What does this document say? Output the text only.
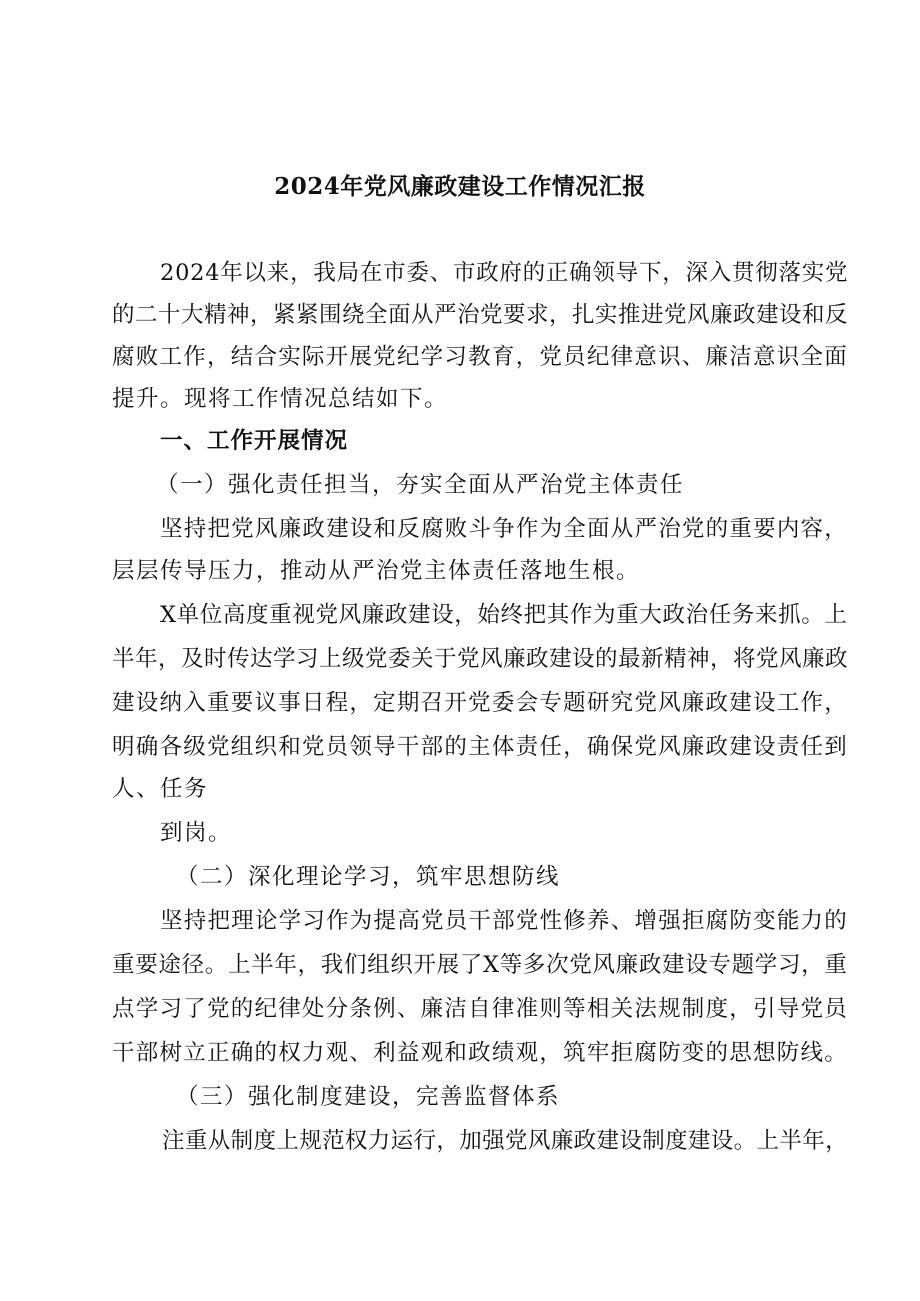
2024年党风廉政建设工作情况汇报
2024年以来，我局在市委、市政府的正确领导下，深入贯彻落实党
的二十大精神，紧紧围绕全面从严治党要求，扎实推进党风廉政建设和反
腐败工作，结合实际开展党纪学习教育，党员纪律意识、廉洁意识全面
提升。现将工作情况总结如下。
一、工作开展情况
（一）强化责任担当，夯实全面从严治党主体责任
坚持把党风廉政建设和反腐败斗争作为全面从严治党的重要内容，
层层传导压力，推动从严治党主体责任落地生根。
X单位高度重视党风廉政建设，始终把其作为重大政治任务来抓。上
半年，及时传达学习上级党委关于党风廉政建设的最新精神，将党风廉政
建设纳入重要议事日程，定期召开党委会专题研究党风廉政建设工作，
明确各级党组织和党员领导干部的主体责任，确保党风廉政建设责任到
人、任务
到岗。
（二）深化理论学习，筑牢思想防线
坚持把理论学习作为提高党员干部党性修养、增强拒腐防变能力的
重要途径。上半年，我们组织开展了X等多次党风廉政建设专题学习，重
点学习了党的纪律处分条例、廉洁自律准则等相关法规制度，引导党员
干部树立正确的权力观、利益观和政绩观，筑牢拒腐防变的思想防线。
（三）强化制度建设，完善监督体系
注重从制度上规范权力运行，加强党风廉政建设制度建设。上半年，
